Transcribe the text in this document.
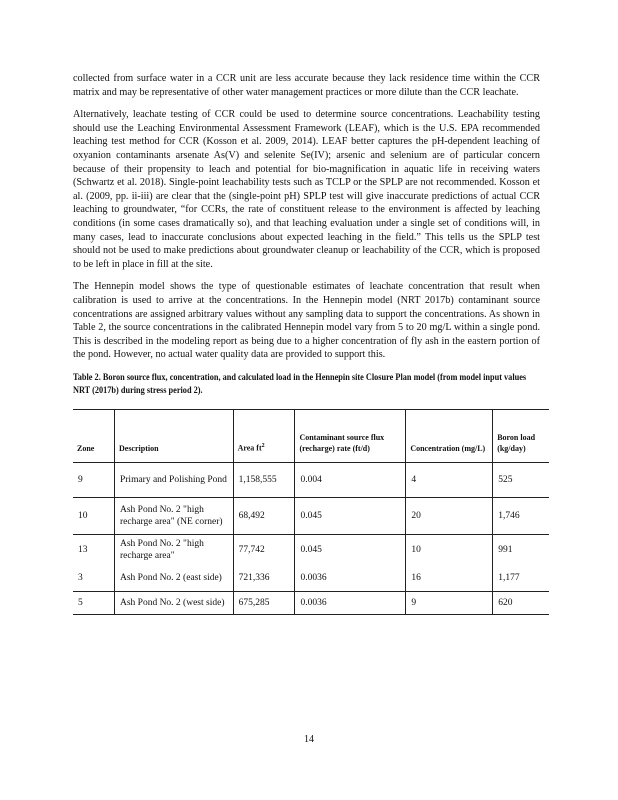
collected from surface water in a CCR unit are less accurate because they lack residence time within the CCR matrix and may be representative of other water management practices or more dilute than the CCR leachate.

Alternatively, leachate testing of CCR could be used to determine source concentrations. Leachability testing should use the Leaching Environmental Assessment Framework (LEAF), which is the U.S. EPA recommended leaching test method for CCR (Kosson et al. 2009, 2014). LEAF better captures the pH-dependent leaching of oxyanion contaminants arsenate As(V) and selenite Se(IV); arsenic and selenium are of particular concern because of their propensity to leach and potential for bio-magnification in aquatic life in receiving waters (Schwartz et al. 2018). Single-point leachability tests such as TCLP or the SPLP are not recommended. Kosson et al. (2009, pp. ii-iii) are clear that the (single-point pH) SPLP test will give inaccurate predictions of actual CCR leaching to groundwater, “for CCRs, the rate of constituent release to the environment is affected by leaching conditions (in some cases dramatically so), and that leaching evaluation under a single set of conditions will, in many cases, lead to inaccurate conclusions about expected leaching in the field.” This tells us the SPLP test should not be used to make predictions about groundwater cleanup or leachability of the CCR, which is proposed to be left in place in fill at the site.

The Hennepin model shows the type of questionable estimates of leachate concentration that result when calibration is used to arrive at the concentrations. In the Hennepin model (NRT 2017b) contaminant source concentrations are assigned arbitrary values without any sampling data to support the concentrations. As shown in Table 2, the source concentrations in the calibrated Hennepin model vary from 5 to 20 mg/L within a single pond. This is described in the modeling report as being due to a higher concentration of fly ash in the eastern portion of the pond. However, no actual water quality data are provided to support this.

Table 2. Boron source flux, concentration, and calculated load in the Hennepin site Closure Plan model (from model input values NRT (2017b) during stress period 2).
Zone	Description	Area $ft^2$	Contaminant source flux (recharge) rate (ft/d)	Concentration (mg/L)	Boron load (kg/day)
9	Primary and Polishing Pond	1,158,555	0.004	4	525
10	Ash Pond No. 2 "high recharge area" (NE corner)	68,492	0.045	20	1,746
13	Ash Pond No. 2 "high recharge area"	77,742	0.045	10	991
3	Ash Pond No. 2 (east side)	721,336	0.0036	16	1,177
5	Ash Pond No. 2 (west side)	675,285	0.0036	9	620
14
